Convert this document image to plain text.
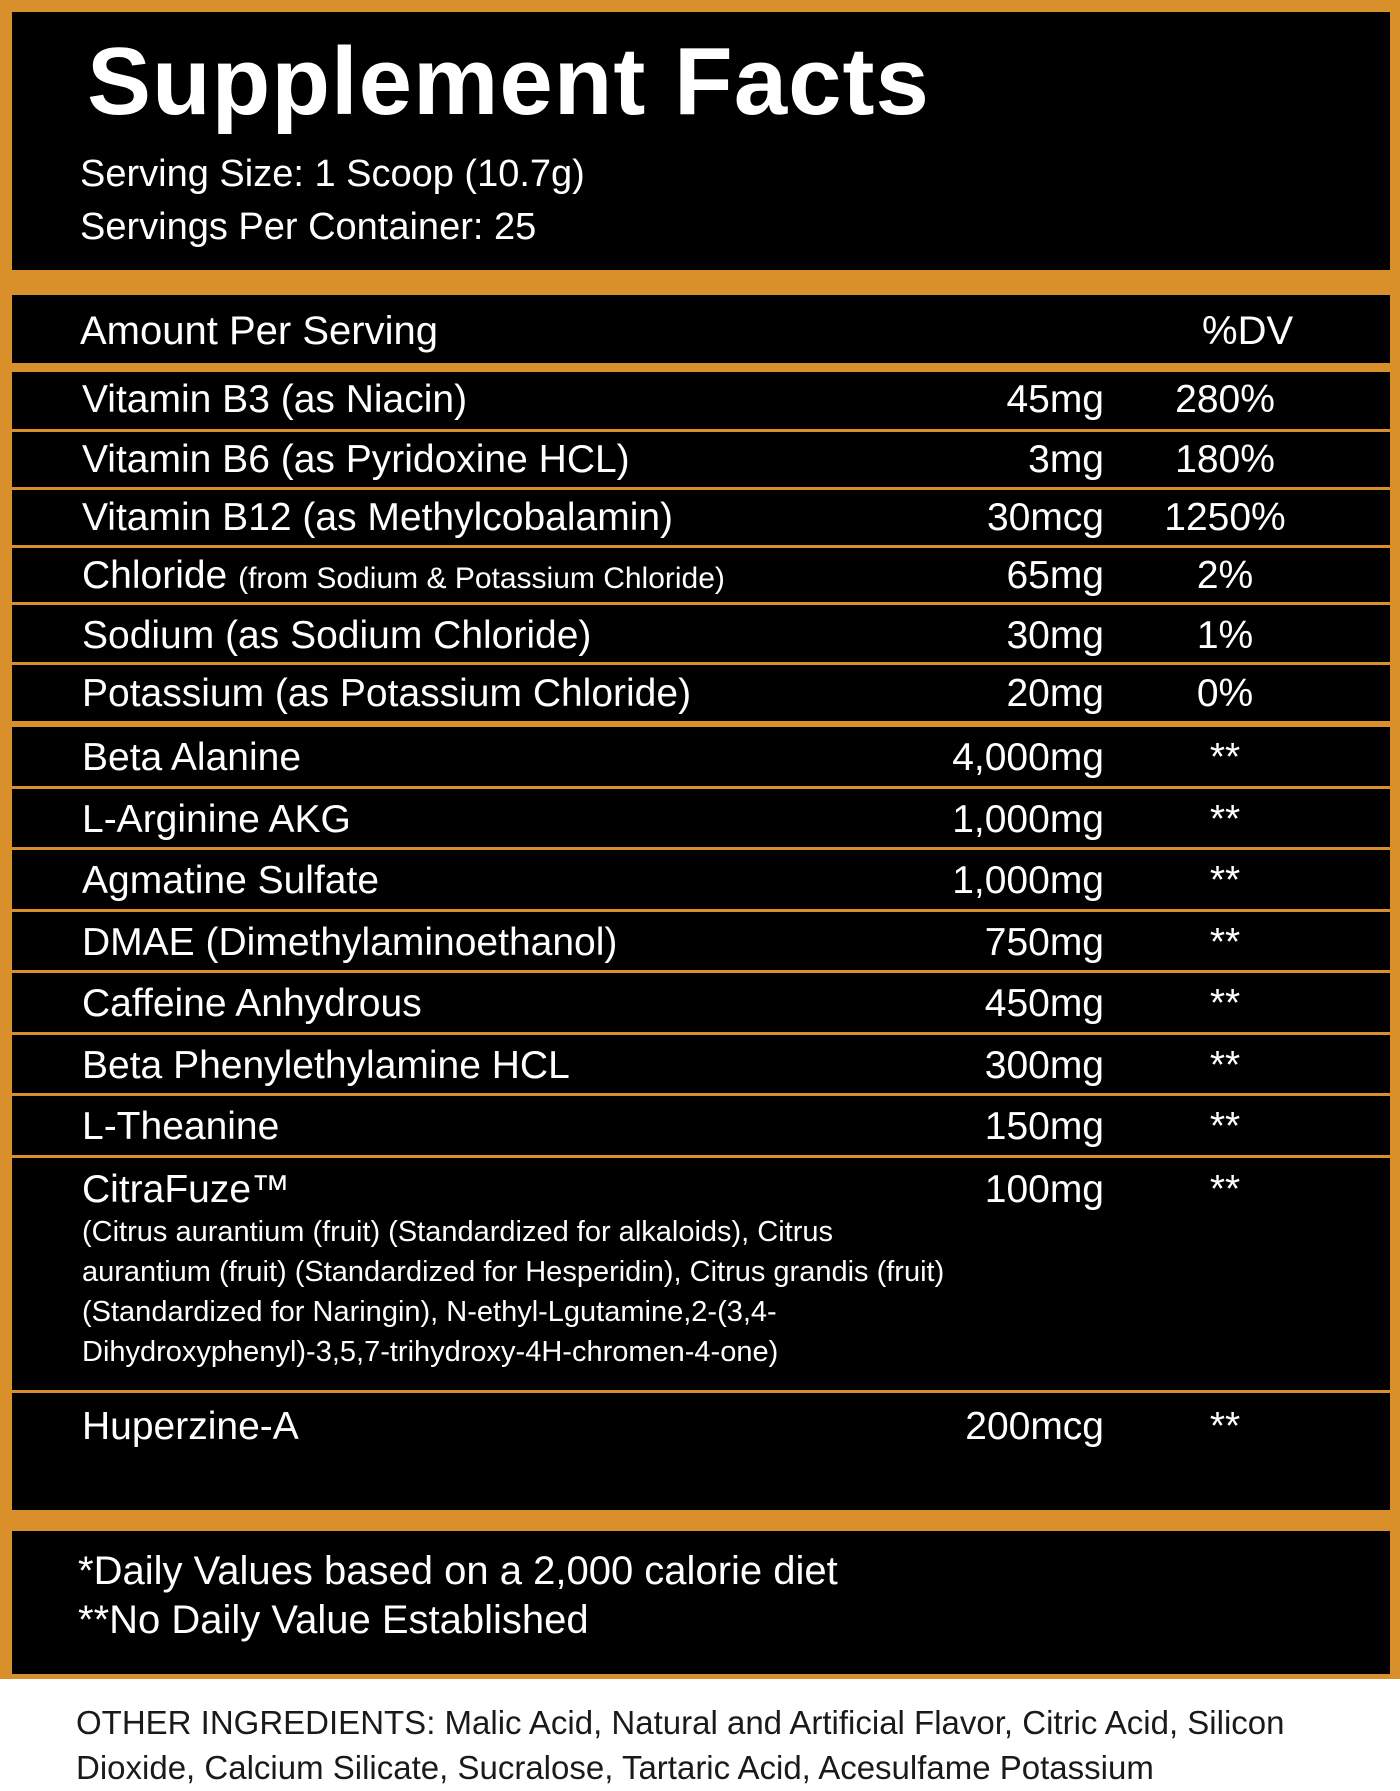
Supplement Facts
Serving Size: 1 Scoop (10.7g)
Servings Per Container: 25
Amount Per Serving	%DV
Vitamin B3 (as Niacin)	45mg	280%
Vitamin B6 (as Pyridoxine HCL)	3mg	180%
Vitamin B12 (as Methylcobalamin)	30mcg	1250%
Chloride (from Sodium & Potassium Chloride)	65mg	2%
Sodium (as Sodium Chloride)	30mg	1%
Potassium (as Potassium Chloride)	20mg	0%
Beta Alanine	4,000mg	**
L-Arginine AKG	1,000mg	**
Agmatine Sulfate	1,000mg	**
DMAE (Dimethylaminoethanol)	750mg	**
Caffeine Anhydrous	450mg	**
Beta Phenylethylamine HCL	300mg	**
L-Theanine	150mg	**
CitraFuze™	100mg	**
(Citrus aurantium (fruit) (Standardized for alkaloids), Citrus aurantium (fruit) (Standardized for Hesperidin), Citrus grandis (fruit) (Standardized for Naringin), N-ethyl-Lgutamine,2-(3,4-Dihydroxyphenyl)-3,5,7-trihydroxy-4H-chromen-4-one)
Huperzine-A	200mcg	**
*Daily Values based on a 2,000 calorie diet
**No Daily Value Established
OTHER INGREDIENTS: Malic Acid, Natural and Artificial Flavor, Citric Acid, Silicon Dioxide, Calcium Silicate, Sucralose, Tartaric Acid, Acesulfame Potassium
